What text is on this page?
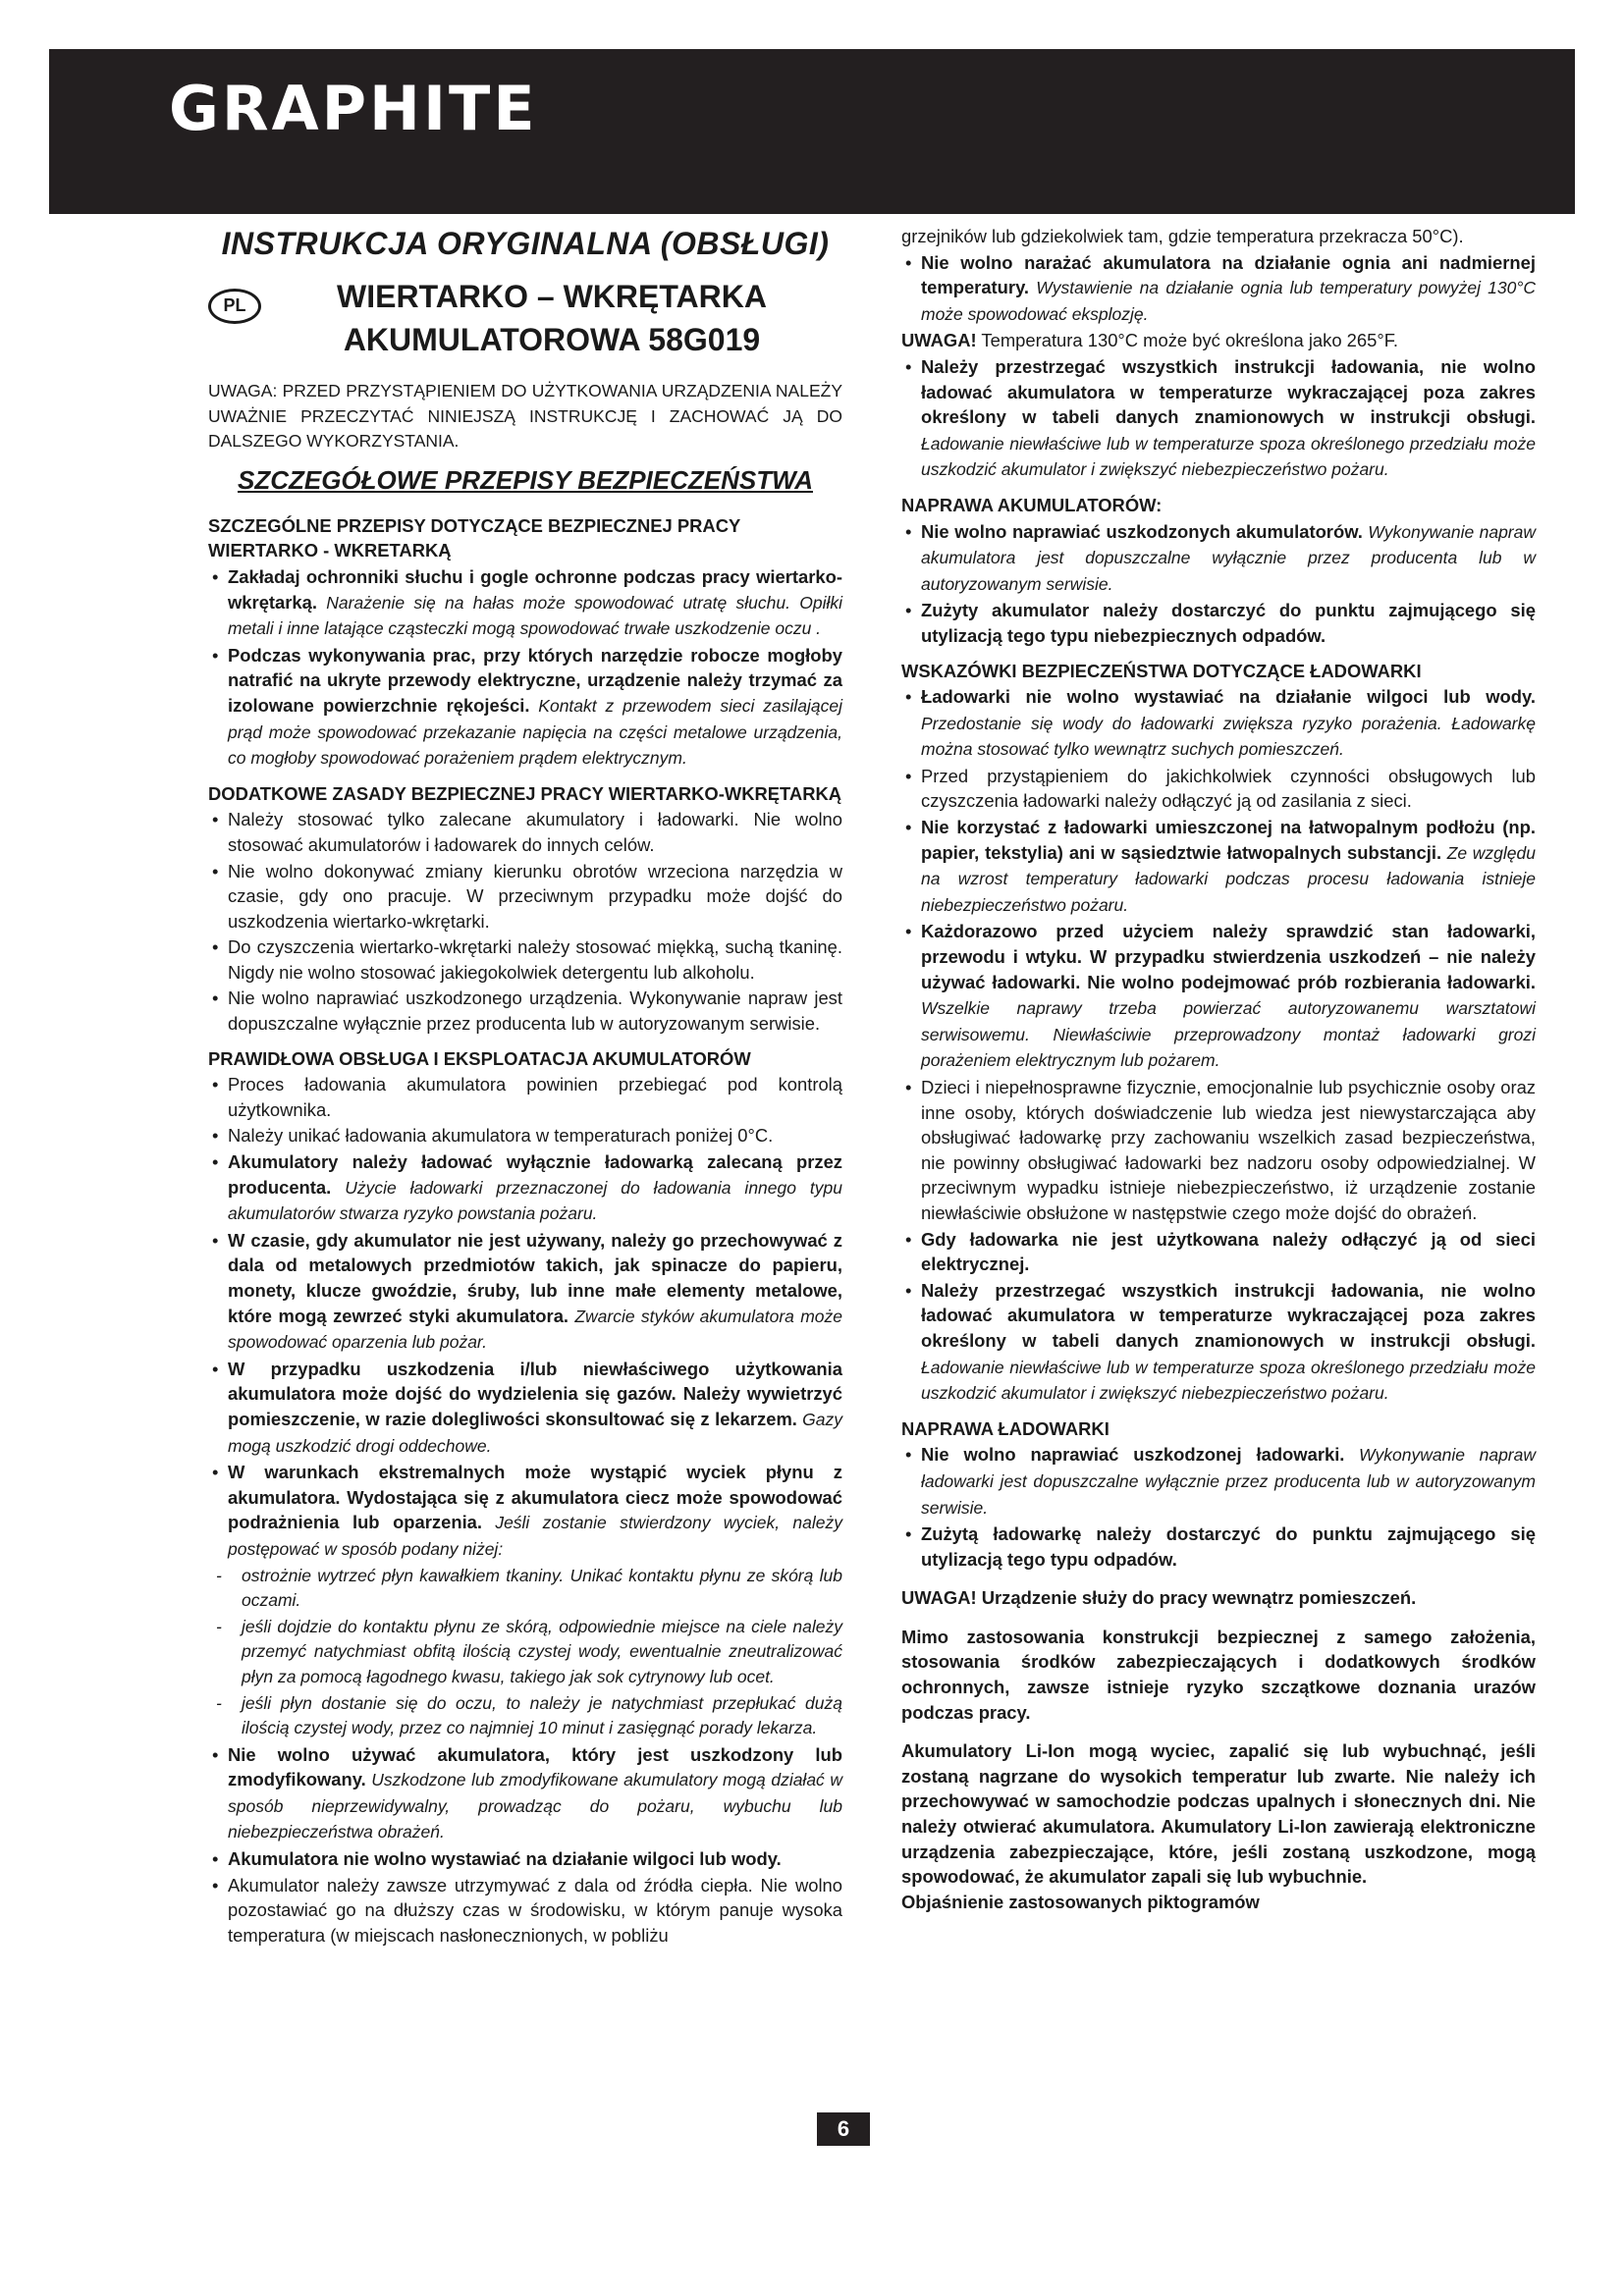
GRAPHITE

INSTRUKCJA ORYGINALNA (OBSŁUGI)

PL	WIERTARKO – WKRĘTARKA
AKUMULATOROWA 58G019

UWAGA: PRZED PRZYSTĄPIENIEM DO UŻYTKOWANIA URZĄDZENIA NALEŻY UWAŻNIE PRZECZYTAĆ NINIEJSZĄ INSTRUKCJĘ I ZACHOWAĆ JĄ DO DALSZEGO WYKORZYSTANIA.

SZCZEGÓŁOWE PRZEPISY BEZPIECZEŃSTWA

SZCZEGÓLNE PRZEPISY DOTYCZĄCE BEZPIECZNEJ PRACY WIERTARKO - WKRETARKĄ

• Zakładaj ochronniki słuchu i gogle ochronne podczas pracy wiertarko-wkrętarką. Narażenie się na hałas może spowodować utratę słuchu. Opiłki metali i inne latające cząsteczki mogą spowodować trwałe uszkodzenie oczu .
• Podczas wykonywania prac, przy których narzędzie robocze mogłoby natrafić na ukryte przewody elektryczne, urządzenie należy trzymać za izolowane powierzchnie rękojeści. Kontakt z przewodem sieci zasilającej prąd może spowodować przekazanie napięcia na części metalowe urządzenia, co mogłoby spowodować porażeniem prądem elektrycznym.

DODATKOWE ZASADY BEZPIECZNEJ PRACY WIERTARKO-WKRĘTARKĄ

• Należy stosować tylko zalecane akumulatory i ładowarki. Nie wolno stosować akumulatorów i ładowarek do innych celów.
• Nie wolno dokonywać zmiany kierunku obrotów wrzeciona narzędzia w czasie, gdy ono pracuje. W przeciwnym przypadku może dojść do uszkodzenia wiertarko-wkrętarki.
• Do czyszczenia wiertarko-wkrętarki należy stosować miękką, suchą tkaninę. Nigdy nie wolno stosować jakiegokolwiek detergentu lub alkoholu.
• Nie wolno naprawiać uszkodzonego urządzenia. Wykonywanie napraw jest dopuszczalne wyłącznie przez producenta lub w autoryzowanym serwisie.

PRAWIDŁOWA OBSŁUGA I EKSPLOATACJA AKUMULATORÓW

• Proces ładowania akumulatora powinien przebiegać pod kontrolą użytkownika.
• Należy unikać ładowania akumulatora w temperaturach poniżej 0°C.
• Akumulatory należy ładować wyłącznie ładowarką zalecaną przez producenta. Użycie ładowarki przeznaczonej do ładowania innego typu akumulatorów stwarza ryzyko powstania pożaru.
• W czasie, gdy akumulator nie jest używany, należy go przechowywać z dala od metalowych przedmiotów takich, jak spinacze do papieru, monety, klucze gwoździe, śruby, lub inne małe elementy metalowe, które mogą zewrzeć styki akumulatora. Zwarcie styków akumulatora może spowodować oparzenia lub pożar.
• W przypadku uszkodzenia i/lub niewłaściwego użytkowania akumulatora może dojść do wydzielenia się gazów. Należy wywietrzyć pomieszczenie, w razie dolegliwości skonsultować się z lekarzem. Gazy mogą uszkodzić drogi oddechowe.
• W warunkach ekstremalnych może wystąpić wyciek płynu z akumulatora. Wydostająca się z akumulatora ciecz może spowodować podrażnienia lub oparzenia. Jeśli zostanie stwierdzony wyciek, należy postępować w sposób podany niżej:
- ostrożnie wytrzeć płyn kawałkiem tkaniny. Unikać kontaktu płynu ze skórą lub oczami.
- jeśli dojdzie do kontaktu płynu ze skórą, odpowiednie miejsce na ciele należy przemyć natychmiast obfitą ilością czystej wody, ewentualnie zneutralizować płyn za pomocą łagodnego kwasu, takiego jak sok cytrynowy lub ocet.
- jeśli płyn dostanie się do oczu, to należy je natychmiast przepłukać dużą ilością czystej wody, przez co najmniej 10 minut i zasięgnąć porady lekarza.
• Nie wolno używać akumulatora, który jest uszkodzony lub zmodyfikowany. Uszkodzone lub zmodyfikowane akumulatory mogą działać w sposób nieprzewidywalny, prowadząc do pożaru, wybuchu lub niebezpieczeństwa obrażeń.
• Akumulatora nie wolno wystawiać na działanie wilgoci lub wody.
• Akumulator należy zawsze utrzymywać z dala od źródła ciepła. Nie wolno pozostawiać go na dłuższy czas w środowisku, w którym panuje wysoka temperatura (w miejscach nasłonecznionych, w pobliżu

grzejników lub gdziekolwiek tam, gdzie temperatura przekracza 50°C).

• Nie wolno narażać akumulatora na działanie ognia ani nadmiernej temperatury. Wystawienie na działanie ognia lub temperatury powyżej 130°C może spowodować eksplozję.

UWAGA! Temperatura 130°C może być określona jako 265°F.

• Należy przestrzegać wszystkich instrukcji ładowania, nie wolno ładować akumulatora w temperaturze wykraczającej poza zakres określony w tabeli danych znamionowych w instrukcji obsługi. Ładowanie niewłaściwe lub w temperaturze spoza określonego przedziału może uszkodzić akumulator i zwiększyć niebezpieczeństwo pożaru.

NAPRAWA AKUMULATORÓW:

• Nie wolno naprawiać uszkodzonych akumulatorów. Wykonywanie napraw akumulatora jest dopuszczalne wyłącznie przez producenta lub w autoryzowanym serwisie.
• Zużyty akumulator należy dostarczyć do punktu zajmującego się utylizacją tego typu niebezpiecznych odpadów.

WSKAZÓWKI BEZPIECZEŃSTWA DOTYCZĄCE ŁADOWARKI

• Ładowarki nie wolno wystawiać na działanie wilgoci lub wody. Przedostanie się wody do ładowarki zwiększa ryzyko porażenia. Ładowarkę można stosować tylko wewnątrz suchych pomieszczeń.
• Przed przystąpieniem do jakichkolwiek czynności obsługowych lub czyszczenia ładowarki należy odłączyć ją od zasilania z sieci.
• Nie korzystać z ładowarki umieszczonej na łatwopalnym podłożu (np. papier, tekstylia) ani w sąsiedztwie łatwopalnych substancji. Ze względu na wzrost temperatury ładowarki podczas procesu ładowania istnieje niebezpieczeństwo pożaru.
• Każdorazowo przed użyciem należy sprawdzić stan ładowarki, przewodu i wtyku. W przypadku stwierdzenia uszkodzeń – nie należy używać ładowarki. Nie wolno podejmować prób rozbierania ładowarki. Wszelkie naprawy trzeba powierzać autoryzowanemu warsztatowi serwisowemu. Niewłaściwie przeprowadzony montaż ładowarki grozi porażeniem elektrycznym lub pożarem.
• Dzieci i niepełnosprawne fizycznie, emocjonalnie lub psychicznie osoby oraz inne osoby, których doświadczenie lub wiedza jest niewystarczająca aby obsługiwać ładowarkę przy zachowaniu wszelkich zasad bezpieczeństwa, nie powinny obsługiwać ładowarki bez nadzoru osoby odpowiedzialnej. W przeciwnym wypadku istnieje niebezpieczeństwo, iż urządzenie zostanie niewłaściwie obsłużone w następstwie czego może dojść do obrażeń.
• Gdy ładowarka nie jest użytkowana należy odłączyć ją od sieci elektrycznej.
• Należy przestrzegać wszystkich instrukcji ładowania, nie wolno ładować akumulatora w temperaturze wykraczającej poza zakres określony w tabeli danych znamionowych w instrukcji obsługi. Ładowanie niewłaściwe lub w temperaturze spoza określonego przedziału może uszkodzić akumulator i zwiększyć niebezpieczeństwo pożaru.

NAPRAWA ŁADOWARKI

• Nie wolno naprawiać uszkodzonej ładowarki. Wykonywanie napraw ładowarki jest dopuszczalne wyłącznie przez producenta lub w autoryzowanym serwisie.
• Zużytą ładowarkę należy dostarczyć do punktu zajmującego się utylizacją tego typu odpadów.

UWAGA! Urządzenie służy do pracy wewnątrz pomieszczeń.

Mimo zastosowania konstrukcji bezpiecznej z samego założenia, stosowania środków zabezpieczających i dodatkowych środków ochronnych, zawsze istnieje ryzyko szczątkowe doznania urazów podczas pracy.

Akumulatory Li-Ion mogą wyciec, zapalić się lub wybuchnąć, jeśli zostaną nagrzane do wysokich temperatur lub zwarte. Nie należy ich przechowywać w samochodzie podczas upalnych i słonecznych dni. Nie należy otwierać akumulatora. Akumulatory Li-Ion zawierają elektroniczne urządzenia zabezpieczające, które, jeśli zostaną uszkodzone, mogą spowodować, że akumulator zapali się lub wybuchnie.

Objaśnienie zastosowanych piktogramów

6
